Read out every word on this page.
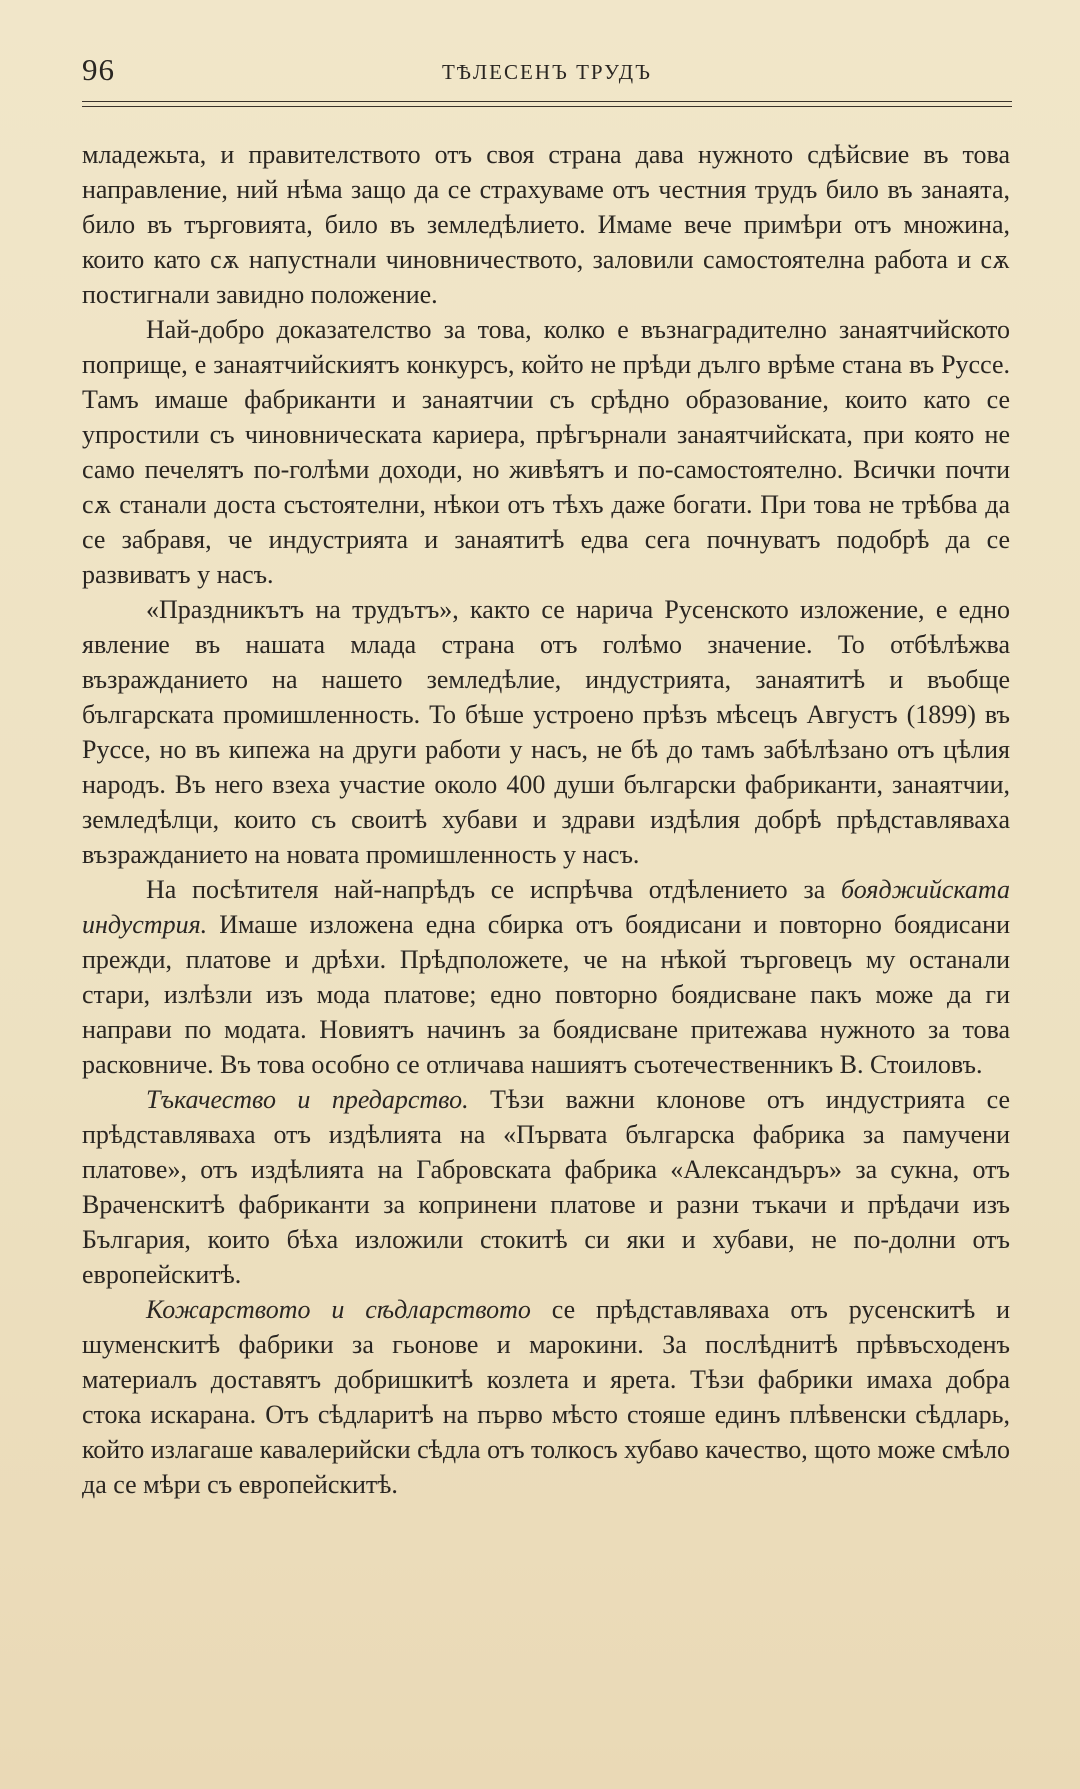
96	ТѢЛЕСЕНЪ ТРУДЪ

младежьта, и правителството отъ своя страна дава нужното сдѣйсвие въ това направление, ний нѣма защо да се страхуваме отъ честния трудъ било въ занаята, било въ търговията, било въ земледѣлието. Имаме вече примѣри отъ множина, които като сѫ напустнали чиновничеството, заловили самостоятелна работа и сѫ постигнали завидно положение.

Най-добро доказателство за това, колко е възнаградително занаятчийското поприще, е занаятчийскиятъ конкурсъ, който не прѣди дълго врѣме стана въ Руссе. Тамъ имаше фабриканти и занаятчии съ срѣдно образование, които като се упростили съ чиновническата кариера, прѣгърнали занаятчийската, при която не само печелятъ по-голѣми доходи, но живѣятъ и по-самостоятелно. Всички почти сѫ станали доста състоятелни, нѣкои отъ тѣхъ даже богати. При това не трѣбва да се забравя, че индустрията и занаятитѣ едва сега почнуватъ подобрѣ да се развиватъ у насъ.

«Праздникътъ на трудътъ», както се нарича Русенското изложение, е едно явление въ нашата млада страна отъ голѣмо значение. То отбѣлѣжва възражданието на нашето земледѣлие, индустрията, занаятитѣ и въобще българската промишленность. То бѣше устроено прѣзъ мѣсецъ Августъ (1899) въ Руссе, но въ кипежа на други работи у насъ, не бѣ до тамъ забѣлѣзано отъ цѣлия народъ. Въ него взеха участие около 400 души български фабриканти, занаятчии, земледѣлци, които съ своитѣ хубави и здрави издѣлия добрѣ прѣдставляваха възражданието на новата промишленность у насъ.

На посѣтителя най-напрѣдъ се испрѣчва отдѣлението за бояджийската индустрия. Имаше изложена една сбирка отъ боядисани и повторно боядисани прежди, платове и дрѣхи. Прѣдположете, че на нѣкой търговецъ му останали стари, излѣзли изъ мода платове; едно повторно боядисване пакъ може да ги направи по модата. Новиятъ начинъ за боядисване притежава нужното за това расковниче. Въ това особно се отличава нашиятъ съотечественникъ В. Стоиловъ.

Тъкачество и предарство. Тѣзи важни клонове отъ индустрията се прѣдставляваха отъ издѣлията на «Първата българска фабрика за памучени платове», отъ издѣлията на Габровската фабрика «Александъръ» за сукна, отъ Враченскитѣ фабриканти за копринени платове и разни тъкачи и прѣдачи изъ България, които бѣха изложили стокитѣ си яки и хубави, не по-долни отъ европейскитѣ.

Кожарството и сѣдларството се прѣдставляваха отъ русенскитѣ и шуменскитѣ фабрики за гьонове и марокини. За послѣднитѣ прѣвъсходенъ материалъ доставятъ добришкитѣ козлета и ярета. Тѣзи фабрики имаха добра стока искарана. Отъ сѣдларитѣ на първо мѣсто стояше единъ плѣвенски сѣдларь, който излагаше кавалерийски сѣдла отъ толкосъ хубаво качество, щото може смѣло да се мѣри съ европейскитѣ.
